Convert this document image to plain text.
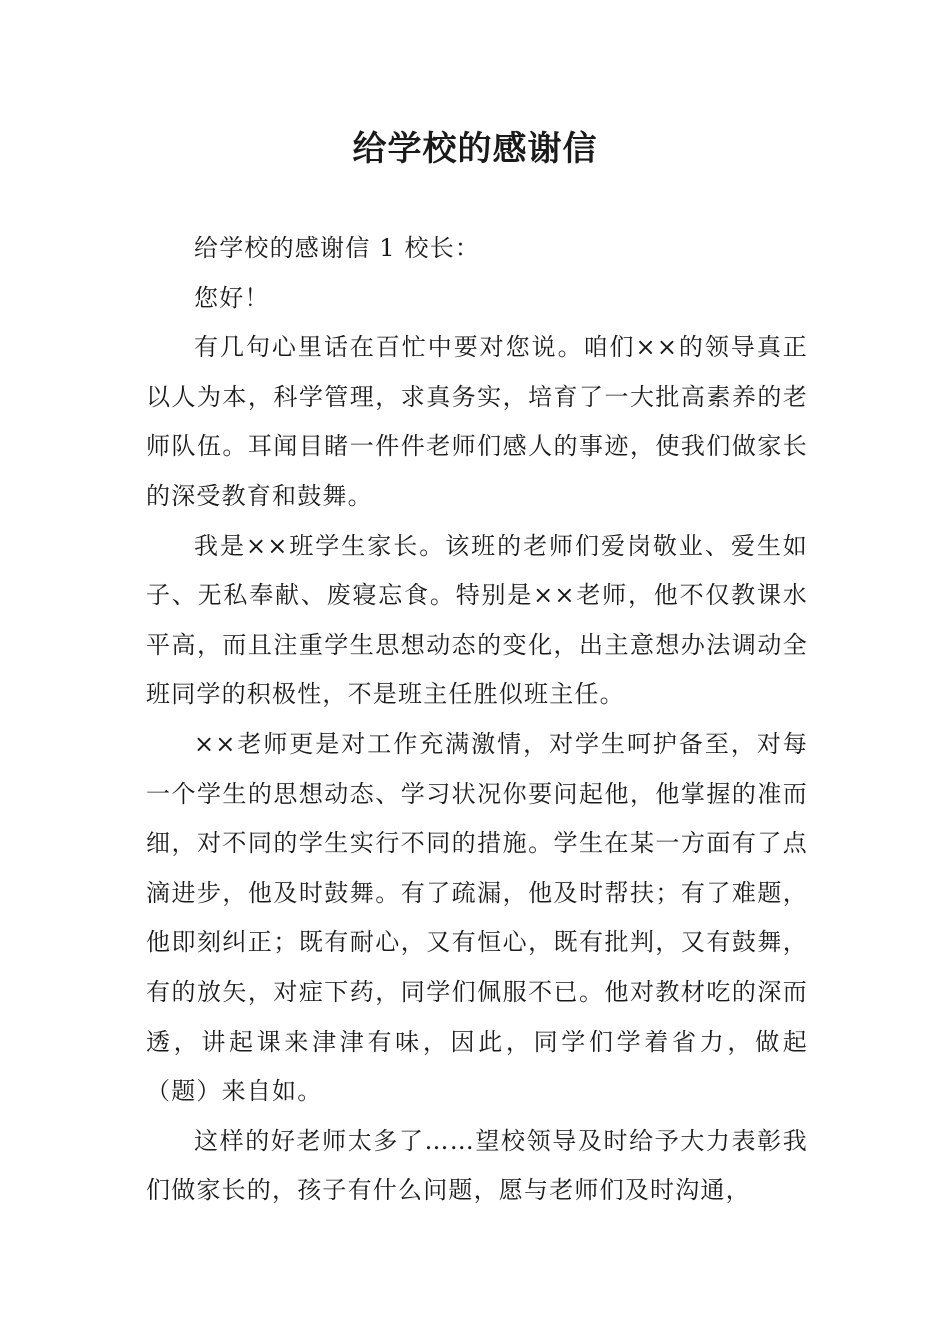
给学校的感谢信

给学校的感谢信 1 校长：

您好！

有几句心里话在百忙中要对您说。咱们××的领导真正以人为本，科学管理，求真务实，培育了一大批高素养的老师队伍。耳闻目睹一件件老师们感人的事迹，使我们做家长的深受教育和鼓舞。

我是××班学生家长。该班的老师们爱岗敬业、爱生如子、无私奉献、废寝忘食。特别是××老师，他不仅教课水平高，而且注重学生思想动态的变化，出主意想办法调动全班同学的积极性，不是班主任胜似班主任。

××老师更是对工作充满激情，对学生呵护备至，对每一个学生的思想动态、学习状况你要问起他，他掌握的准而细，对不同的学生实行不同的措施。学生在某一方面有了点滴进步，他及时鼓舞。有了疏漏，他及时帮扶；有了难题，他即刻纠正；既有耐心，又有恒心，既有批判，又有鼓舞，有的放矢，对症下药，同学们佩服不已。他对教材吃的深而透，讲起课来津津有味，因此，同学们学着省力，做起（题）来自如。

这样的好老师太多了……望校领导及时给予大力表彰我们做家长的，孩子有什么问题，愿与老师们及时沟通，
